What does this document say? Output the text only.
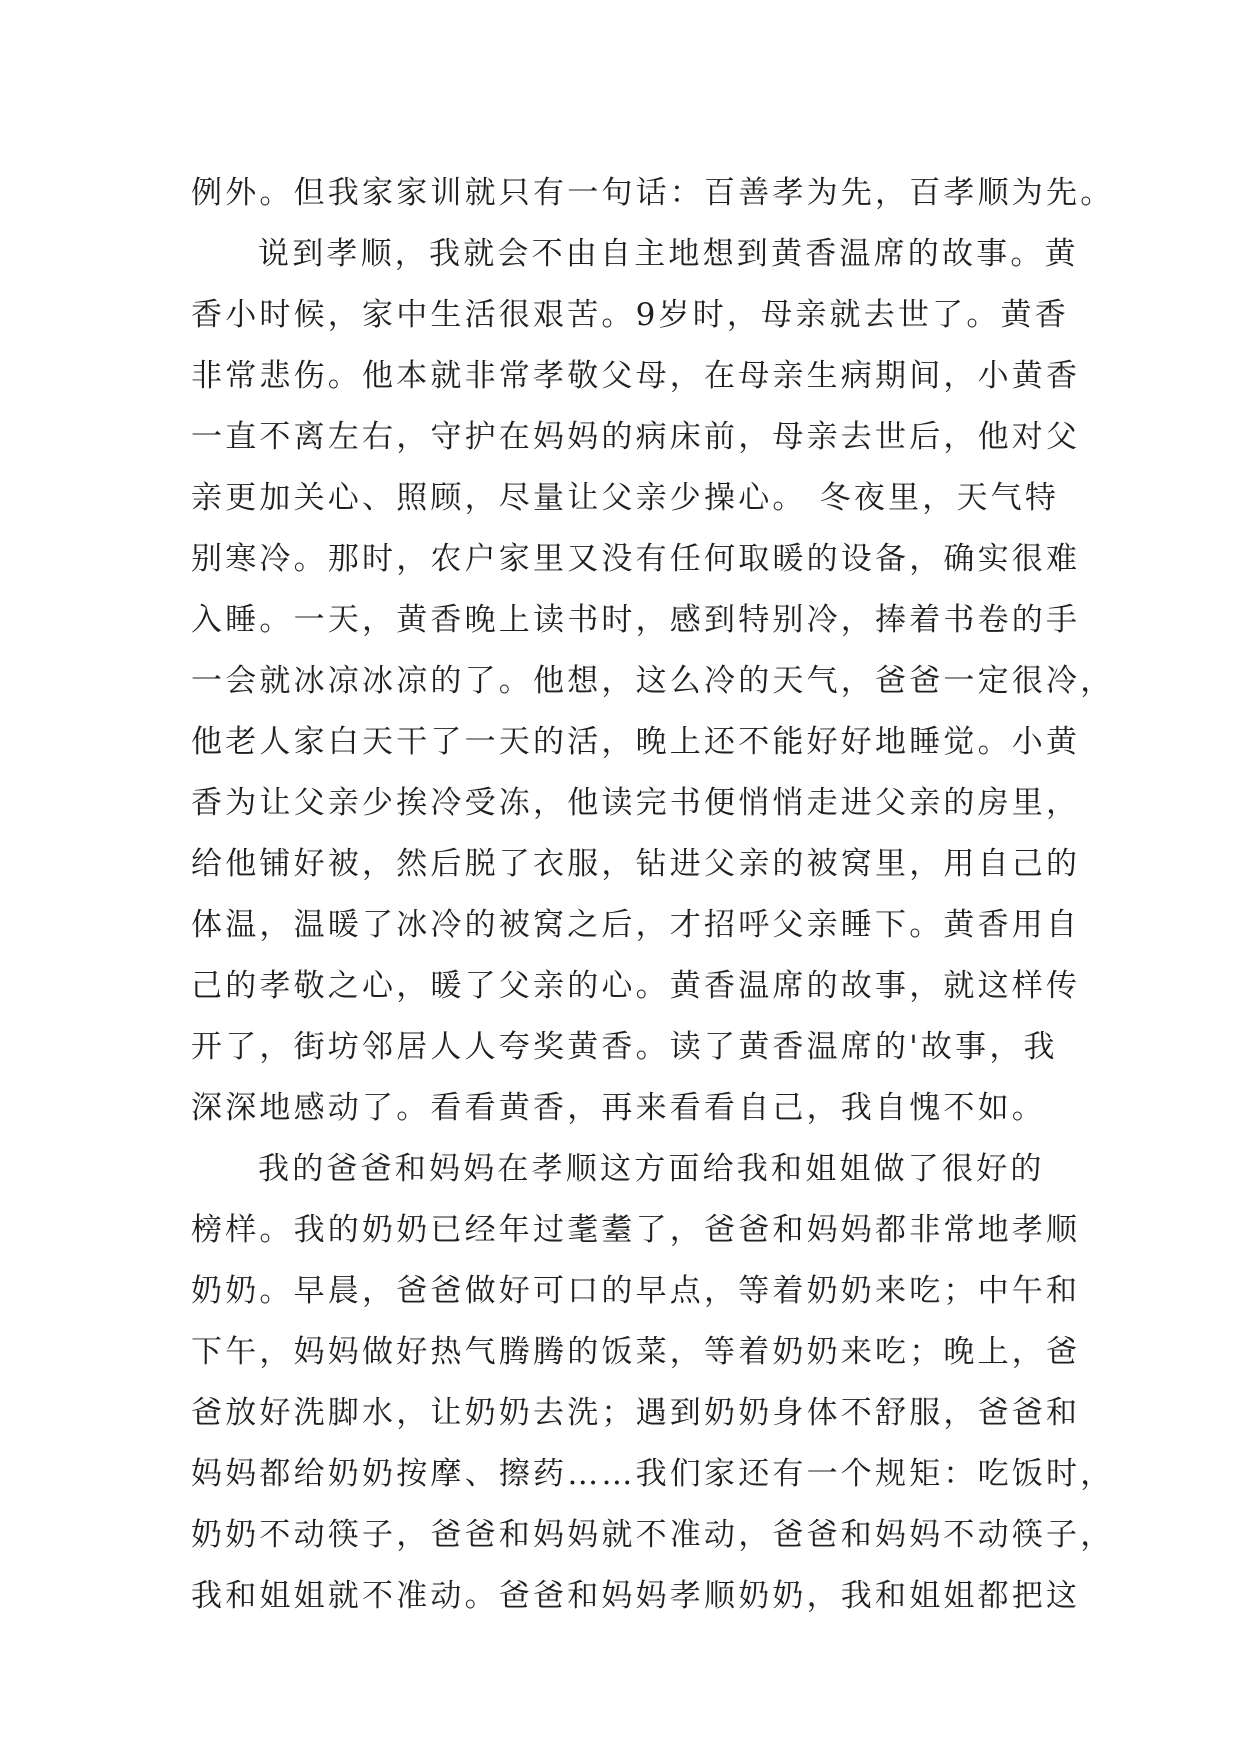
例外。但我家家训就只有一句话：百善孝为先，百孝顺为先。
说到孝顺，我就会不由自主地想到黄香温席的故事。黄
香小时候，家中生活很艰苦。9岁时，母亲就去世了。黄香
非常悲伤。他本就非常孝敬父母，在母亲生病期间，小黄香
一直不离左右，守护在妈妈的病床前，母亲去世后，他对父
亲更加关心、照顾，尽量让父亲少操心。 冬夜里，天气特
别寒冷。那时，农户家里又没有任何取暖的设备，确实很难
入睡。一天，黄香晚上读书时，感到特别冷，捧着书卷的手
一会就冰凉冰凉的了。他想，这么冷的天气，爸爸一定很冷，
他老人家白天干了一天的活，晚上还不能好好地睡觉。小黄
香为让父亲少挨冷受冻，他读完书便悄悄走进父亲的房里，
给他铺好被，然后脱了衣服，钻进父亲的被窝里，用自己的
体温，温暖了冰冷的被窝之后，才招呼父亲睡下。黄香用自
己的孝敬之心，暖了父亲的心。黄香温席的故事，就这样传
开了，街坊邻居人人夸奖黄香。读了黄香温席的'故事，我
深深地感动了。看看黄香，再来看看自己，我自愧不如。
我的爸爸和妈妈在孝顺这方面给我和姐姐做了很好的
榜样。我的奶奶已经年过耄耋了，爸爸和妈妈都非常地孝顺
奶奶。早晨，爸爸做好可口的早点，等着奶奶来吃；中午和
下午，妈妈做好热气腾腾的饭菜，等着奶奶来吃；晚上，爸
爸放好洗脚水，让奶奶去洗；遇到奶奶身体不舒服，爸爸和
妈妈都给奶奶按摩、擦药……我们家还有一个规矩：吃饭时，
奶奶不动筷子，爸爸和妈妈就不准动，爸爸和妈妈不动筷子，
我和姐姐就不准动。爸爸和妈妈孝顺奶奶，我和姐姐都把这
